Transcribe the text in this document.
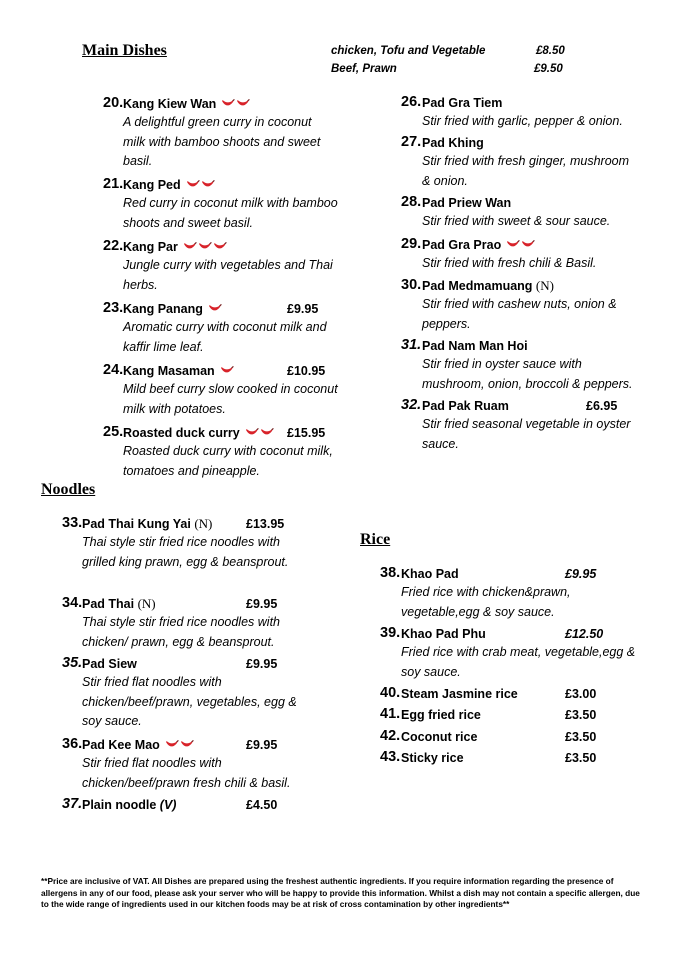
Main Dishes	chicken, Tofu and Vegetable	£8.50
Beef, Prawn	£9.50
20. Kang Kiew Wan
A delightful green curry in coconut
milk with bamboo shoots and sweet
basil.
21. Kang Ped
Red curry in coconut milk with bamboo
shoots and sweet basil.
22. Kang Par
Jungle curry with vegetables and Thai
herbs.
23. Kang Panang	£9.95
Aromatic curry with coconut milk and
kaffir lime leaf.
24. Kang Masaman	£10.95
Mild beef curry slow cooked in coconut
milk with potatoes.
25. Roasted duck curry	£15.95
Roasted duck curry with coconut milk,
tomatoes and pineapple.
26. Pad Gra Tiem
Stir fried with garlic, pepper & onion.
27. Pad Khing
Stir fried with fresh ginger, mushroom
& onion.
28. Pad Priew Wan
Stir fried with sweet & sour sauce.
29. Pad Gra Prao
Stir fried with fresh chili & Basil.
30. Pad Medmamuang (N)
Stir fried with cashew nuts, onion &
peppers.
31. Pad Nam Man Hoi
Stir fried in oyster sauce with
mushroom, onion, broccoli & peppers.
32. Pad Pak Ruam	£6.95
Stir fried seasonal vegetable in oyster
sauce.
Noodles
33. Pad Thai Kung Yai (N)	£13.95
Thai style stir fried rice noodles with
grilled king prawn, egg & beansprout.
34. Pad Thai (N)	£9.95
Thai style stir fried rice noodles with
chicken/ prawn, egg & beansprout.
35. Pad Siew	£9.95
Stir fried flat noodles with
chicken/beef/prawn, vegetables, egg &
soy sauce.
36. Pad Kee Mao	£9.95
Stir fried flat noodles with
chicken/beef/prawn fresh chili & basil.
37. Plain noodle (V)	£4.50
Rice
38. Khao Pad	£9.95
Fried rice with chicken&prawn,
vegetable,egg & soy sauce.
39. Khao Pad Phu	£12.50
Fried rice with crab meat, vegetable,egg &
soy sauce.
40. Steam Jasmine rice	£3.00
41. Egg fried rice	£3.50
42. Coconut rice	£3.50
43. Sticky rice	£3.50
**Price are inclusive of VAT. All Dishes are prepared using the freshest authentic ingredients. If you require information regarding the presence of allergens in any of our food, please ask your server who will be happy to provide this information. Whilst a dish may not contain a specific allergen, due to the wide range of ingredients used in our kitchen foods may be at risk of cross contamination by other ingredients**
